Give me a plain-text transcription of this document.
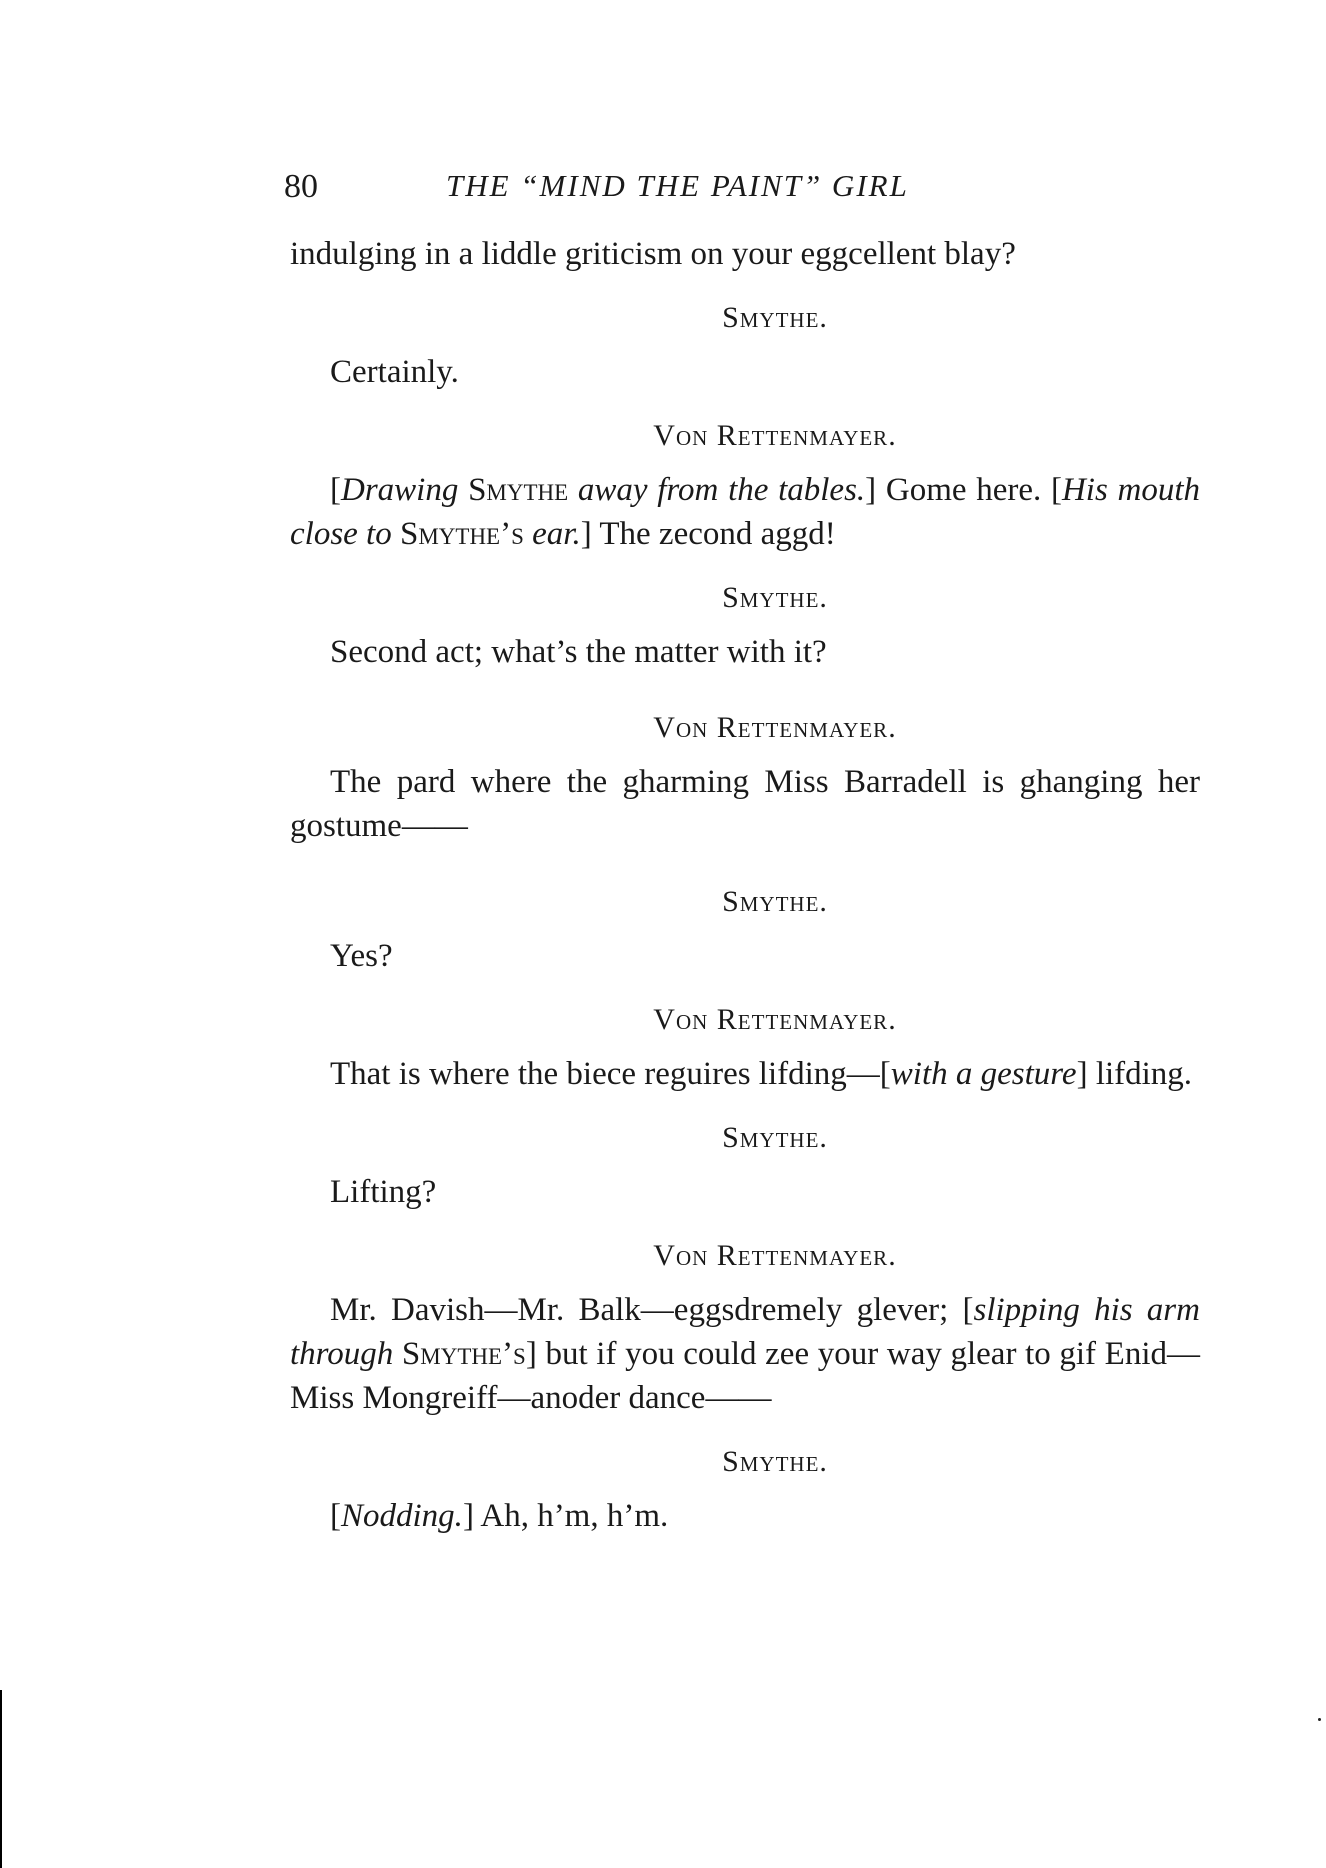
80	THE “MIND THE PAINT” GIRL

indulging in a liddle griticism on your eggcellent blay?

Smythe.

Certainly.

Von Rettenmayer.

[Drawing Smythe away from the tables.] Gome here. [His mouth close to Smythe’s ear.] The zecond aggd!

Smythe.

Second act; what’s the matter with it?

Von Rettenmayer.

The pard where the gharming Miss Barradell is ghanging her gostume——

Smythe.

Yes?

Von Rettenmayer.

That is where the biece reguires lifding—[with a gesture] lifding.

Smythe.

Lifting?

Von Rettenmayer.

Mr. Davish—Mr. Balk—eggsdremely glever; [slipping his arm through Smythe’s] but if you could zee your way glear to gif Enid—Miss Mongreiff—anoder dance——

Smythe.

[Nodding.] Ah, h’m, h’m.
